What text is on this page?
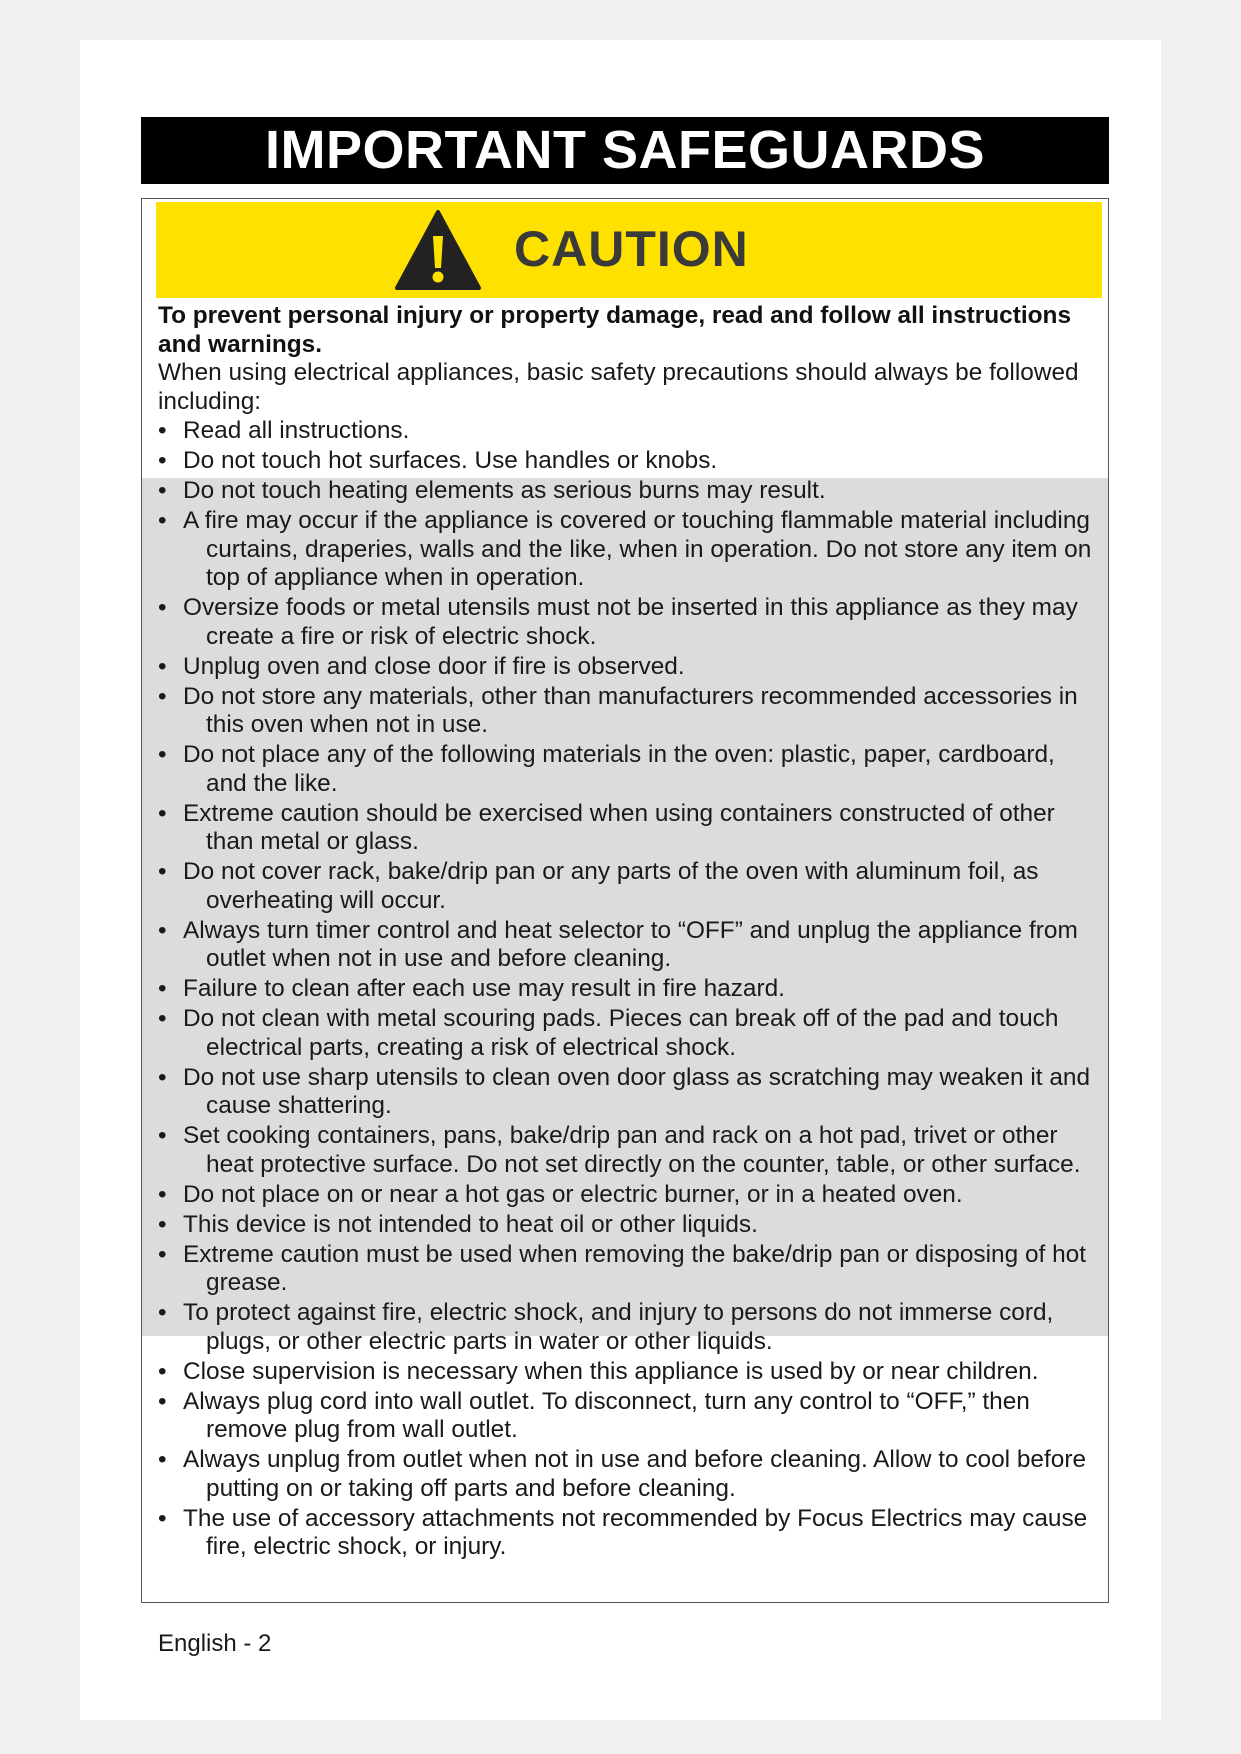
IMPORTANT SAFEGUARDS
CAUTION
To prevent personal injury or property damage, read and follow all instructions and warnings.
When using electrical appliances, basic safety precautions should always be followed including:
• Read all instructions.
• Do not touch hot surfaces. Use handles or knobs.
• Do not touch heating elements as serious burns may result.
• A fire may occur if the appliance is covered or touching flammable material including curtains, draperies, walls and the like, when in operation. Do not store any item on top of appliance when in operation.
• Oversize foods or metal utensils must not be inserted in this appliance as they may create a fire or risk of electric shock.
• Unplug oven and close door if fire is observed.
• Do not store any materials, other than manufacturers recommended accessories in this oven when not in use.
• Do not place any of the following materials in the oven: plastic, paper, cardboard, and the like.
• Extreme caution should be exercised when using containers constructed of other than metal or glass.
• Do not cover rack, bake/drip pan or any parts of the oven with aluminum foil, as overheating will occur.
• Always turn timer control and heat selector to “OFF” and unplug the appliance from outlet when not in use and before cleaning.
• Failure to clean after each use may result in fire hazard.
• Do not clean with metal scouring pads. Pieces can break off of the pad and touch electrical parts, creating a risk of electrical shock.
• Do not use sharp utensils to clean oven door glass as scratching may weaken it and cause shattering.
• Set cooking containers, pans, bake/drip pan and rack on a hot pad, trivet or other heat protective surface. Do not set directly on the counter, table, or other surface.
• Do not place on or near a hot gas or electric burner, or in a heated oven.
• This device is not intended to heat oil or other liquids.
• Extreme caution must be used when removing the bake/drip pan or disposing of hot grease.
• To protect against fire, electric shock, and injury to persons do not immerse cord, plugs, or other electric parts in water or other liquids.
• Close supervision is necessary when this appliance is used by or near children.
• Always plug cord into wall outlet. To disconnect, turn any control to “OFF,” then remove plug from wall outlet.
• Always unplug from outlet when not in use and before cleaning. Allow to cool before putting on or taking off parts and before cleaning.
• The use of accessory attachments not recommended by Focus Electrics may cause fire, electric shock, or injury.
English - 2
